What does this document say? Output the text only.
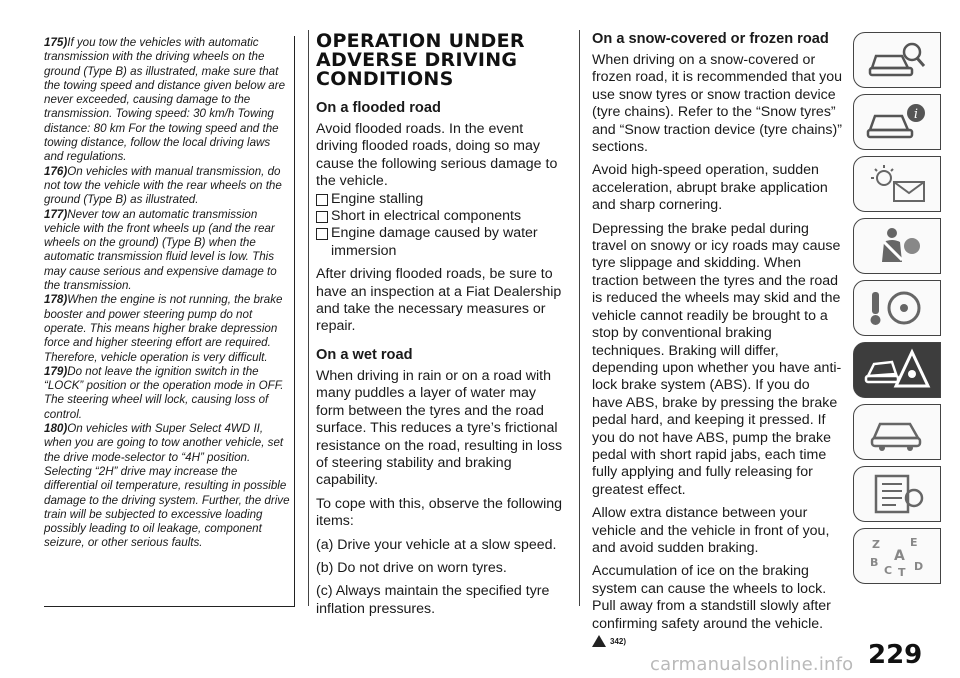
175)If you tow the vehicles with automatic transmission with the driving wheels on the ground (Type B) as illustrated, make sure that the towing speed and distance given below are never exceeded, causing damage to the transmission. Towing speed: 30 km/h Towing distance: 80 km For the towing speed and the towing distance, follow the local driving laws and regulations.

176)On vehicles with manual transmission, do not tow the vehicle with the rear wheels on the ground (Type B) as illustrated.

177)Never tow an automatic transmission vehicle with the front wheels up (and the rear wheels on the ground) (Type B) when the automatic transmission fluid level is low. This may cause serious and expensive damage to the transmission.

178)When the engine is not running, the brake booster and power steering pump do not operate. This means higher brake depression force and higher steering effort are required. Therefore, vehicle operation is very difficult.

179)Do not leave the ignition switch in the “LOCK” position or the operation mode in OFF. The steering wheel will lock, causing loss of control.

180)On vehicles with Super Select 4WD II, when you are going to tow another vehicle, set the drive mode-selector to “4H” position. Selecting “2H” drive may increase the differential oil temperature, resulting in possible damage to the driving system. Further, the drive train will be subjected to excessive loading possibly leading to oil leakage, component seizure, or other serious faults.

OPERATION UNDER ADVERSE DRIVING CONDITIONS
On a flooded road
Avoid flooded roads. In the event driving flooded roads, doing so may cause the following serious damage to the vehicle.
Engine stalling
Short in electrical components
Engine damage caused by water immersion
After driving flooded roads, be sure to have an inspection at a Fiat Dealership and take the necessary measures or repair.
On a wet road
When driving in rain or on a road with many puddles a layer of water may form between the tyres and the road surface. This reduces a tyre’s frictional resistance on the road, resulting in loss of steering stability and braking capability.
To cope with this, observe the following items:
(a) Drive your vehicle at a slow speed.
(b) Do not drive on worn tyres.
(c) Always maintain the specified tyre inflation pressures.
On a snow-covered or frozen road
When driving on a snow-covered or frozen road, it is recommended that you use snow tyres or snow traction device (tyre chains). Refer to the “Snow tyres” and “Snow traction device (tyre chains)” sections.
Avoid high-speed operation, sudden acceleration, abrupt brake application and sharp cornering.
Depressing the brake pedal during travel on snowy or icy roads may cause tyre slippage and skidding. When traction between the tyres and the road is reduced the wheels may skid and the vehicle cannot readily be brought to a stop by conventional braking techniques. Braking will differ, depending upon whether you have anti-lock brake system (ABS). If you do have ABS, brake by pressing the brake pedal hard, and keeping it pressed. If you do not have ABS, pump the brake pedal with short rapid jabs, each time fully applying and fully releasing for greatest effect.
Allow extra distance between your vehicle and the vehicle in front of you, and avoid sudden braking.
Accumulation of ice on the braking system can cause the wheels to lock. Pull away from a standstill slowly after confirming safety around the vehicle.
342)
i
Z	E
A
B
C T D
229
carmanualsonline.info
